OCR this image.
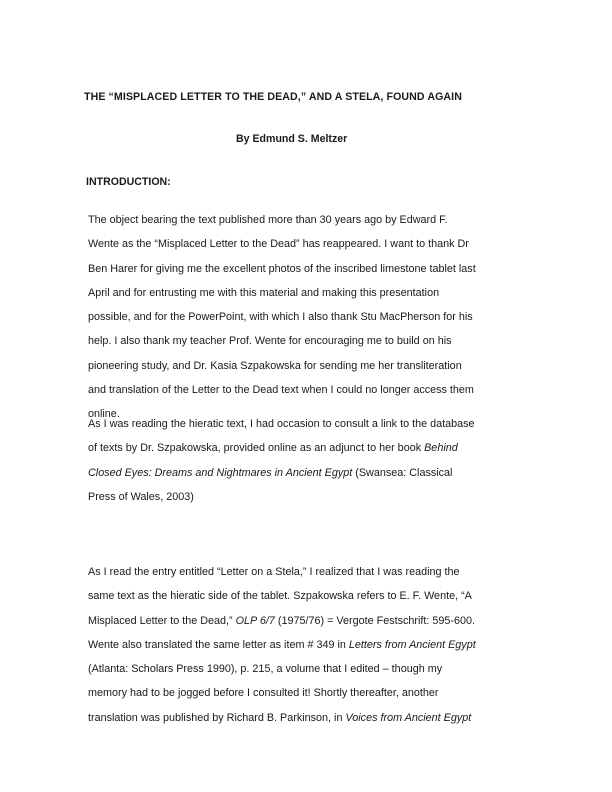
THE “MISPLACED LETTER TO THE DEAD,” AND A STELA, FOUND AGAIN
By Edmund S. Meltzer
INTRODUCTION:
The object bearing the text published more than 30 years ago by Edward F.
Wente as the “Misplaced Letter to the Dead” has reappeared. I want to thank Dr
Ben Harer for giving me the excellent photos of the inscribed limestone tablet last
April and for entrusting me with this material and making this presentation
possible, and for the PowerPoint, with which I also thank Stu MacPherson for his
help. I also thank my teacher Prof. Wente for encouraging me to build on his
pioneering study, and Dr. Kasia Szpakowska for sending me her transliteration
and translation of the Letter to the Dead text when I could no longer access them
online.
As I was reading the hieratic text, I had occasion to consult a link to the database
of texts by Dr. Szpakowska, provided online as an adjunct to her book Behind
Closed Eyes: Dreams and Nightmares in Ancient Egypt (Swansea: Classical
Press of Wales, 2003)
As I read the entry entitled “Letter on a Stela,” I realized that I was reading the
same text as the hieratic side of the tablet. Szpakowska refers to E. F. Wente, “A
Misplaced Letter to the Dead,” OLP 6/7 (1975/76) = Vergote Festschrift: 595-600.
Wente also translated the same letter as item # 349 in Letters from Ancient Egypt
(Atlanta: Scholars Press 1990), p. 215, a volume that I edited – though my
memory had to be jogged before I consulted it! Shortly thereafter, another
translation was published by Richard B. Parkinson, in Voices from Ancient Egypt
